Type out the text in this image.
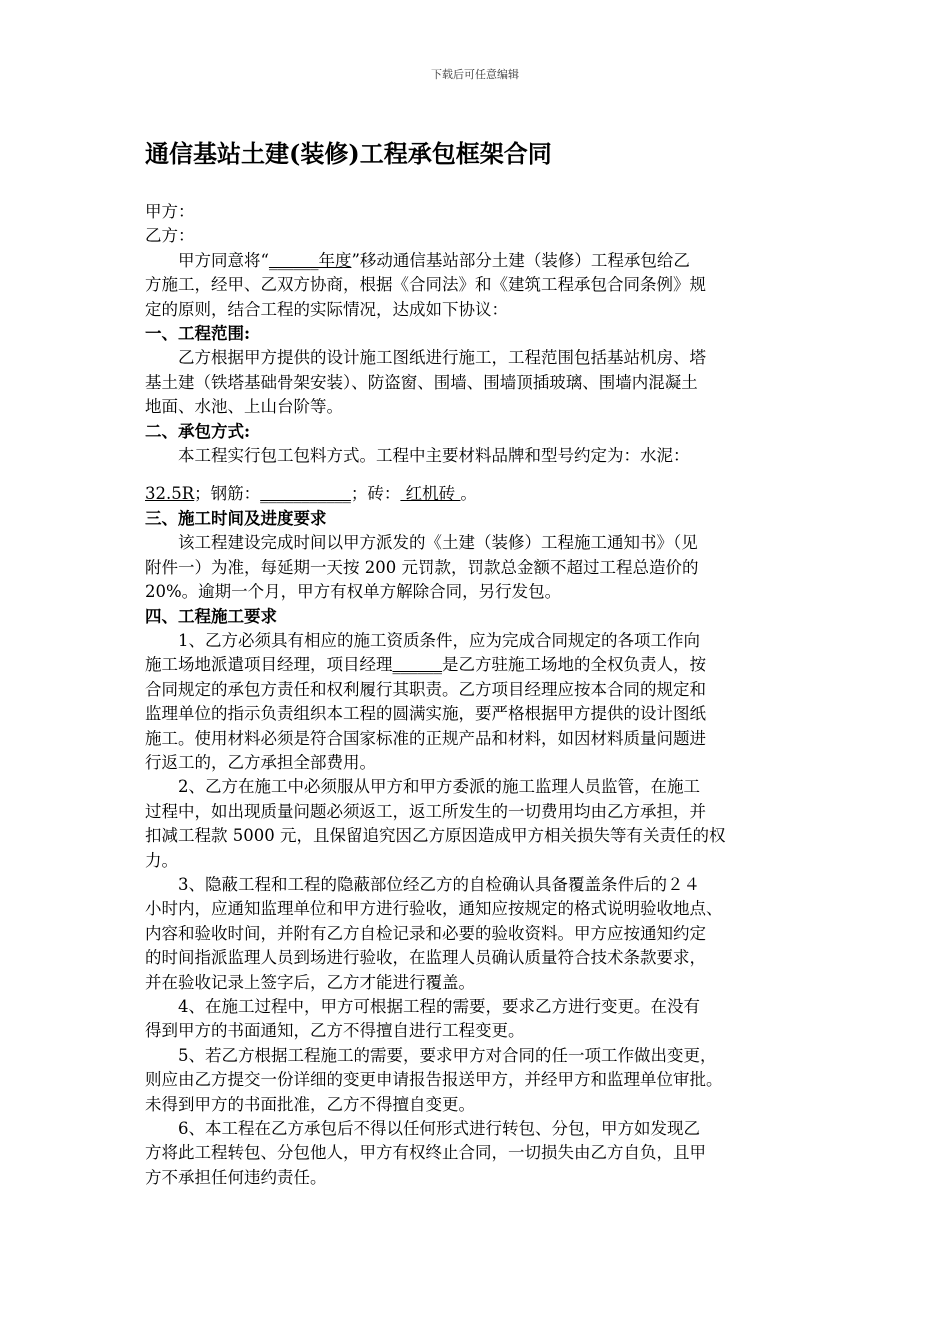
下载后可任意编辑
通信基站土建(装修)工程承包框架合同
甲方：
乙方：
　　甲方同意将“______年度”移动通信基站部分土建（装修）工程承包给乙
方施工，经甲、乙双方协商，根据《合同法》和《建筑工程承包合同条例》规
定的原则，结合工程的实际情况，达成如下协议：
一、工程范围:
　　乙方根据甲方提供的设计施工图纸进行施工，工程范围包括基站机房、塔
基土建（铁塔基础骨架安装）、防盗窗、围墙、围墙顶插玻璃、围墙内混凝土
地面、水池、上山台阶等。
二、承包方式:
　　本工程实行包工包料方式。工程中主要材料品牌和型号约定为：水泥：
32.5R；钢筋：___________；砖： 红机砖 。
三、施工时间及进度要求
　　该工程建设完成时间以甲方派发的《土建（装修）工程施工通知书》（见
附件一）为准，每延期一天按 200 元罚款，罚款总金额不超过工程总造价的
20%。逾期一个月，甲方有权单方解除合同，另行发包。
四、工程施工要求
　　1、乙方必须具有相应的施工资质条件，应为完成合同规定的各项工作向
施工场地派遣项目经理，项目经理______是乙方驻施工场地的全权负责人，按
合同规定的承包方责任和权利履行其职责。乙方项目经理应按本合同的规定和
监理单位的指示负责组织本工程的圆满实施，要严格根据甲方提供的设计图纸
施工。使用材料必须是符合国家标准的正规产品和材料，如因材料质量问题进
行返工的，乙方承担全部费用。
　　2、乙方在施工中必须服从甲方和甲方委派的施工监理人员监管，在施工
过程中，如出现质量问题必须返工，返工所发生的一切费用均由乙方承担，并
扣减工程款 5000 元，且保留追究因乙方原因造成甲方相关损失等有关责任的权
力。
　　3、隐蔽工程和工程的隐蔽部位经乙方的自检确认具备覆盖条件后的２４
小时内，应通知监理单位和甲方进行验收，通知应按规定的格式说明验收地点、
内容和验收时间，并附有乙方自检记录和必要的验收资料。甲方应按通知约定
的时间指派监理人员到场进行验收，在监理人员确认质量符合技术条款要求，
并在验收记录上签字后，乙方才能进行覆盖。
　　4、在施工过程中，甲方可根据工程的需要，要求乙方进行变更。在没有
得到甲方的书面通知，乙方不得擅自进行工程变更。
　　5、若乙方根据工程施工的需要，要求甲方对合同的任一项工作做出变更，
则应由乙方提交一份详细的变更申请报告报送甲方，并经甲方和监理单位审批。
未得到甲方的书面批准，乙方不得擅自变更。
　　6、本工程在乙方承包后不得以任何形式进行转包、分包，甲方如发现乙
方将此工程转包、分包他人，甲方有权终止合同，一切损失由乙方自负，且甲
方不承担任何违约责任。
